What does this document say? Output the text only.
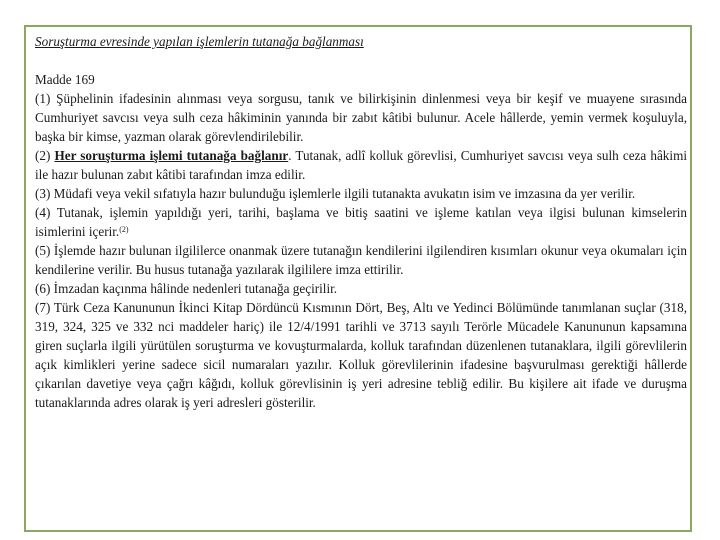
Soruşturma evresinde yapılan işlemlerin tutanağa bağlanması
Madde 169

(1) Şüphelinin ifadesinin alınması veya sorgusu, tanık ve bilirkişinin dinlenmesi veya bir keşif ve muayene sırasında Cumhuriyet savcısı veya sulh ceza hâkiminin yanında bir zabıt kâtibi bulunur. Acele hâllerde, yemin vermek koşuluyla, başka bir kimse, yazman olarak görevlendirilebilir.

(2) Her soruşturma işlemi tutanağa bağlanır. Tutanak, adlî kolluk görevlisi, Cumhuriyet savcısı veya sulh ceza hâkimi ile hazır bulunan zabıt kâtibi tarafından imza edilir.

(3) Müdafi veya vekil sıfatıyla hazır bulunduğu işlemlerle ilgili tutanakta avukatın isim ve imzasına da yer verilir.

(4) Tutanak, işlemin yapıldığı yeri, tarihi, başlama ve bitiş saatini ve işleme katılan veya ilgisi bulunan kimselerin isimlerini içerir.$^{(2)}$

(5) İşlemde hazır bulunan ilgililerce onanmak üzere tutanağın kendilerini ilgilendiren kısımları okunur veya okumaları için kendilerine verilir. Bu husus tutanağa yazılarak ilgililere imza ettirilir.

(6) İmzadan kaçınma hâlinde nedenleri tutanağa geçirilir.

(7) Türk Ceza Kanununun İkinci Kitap Dördüncü Kısmının Dört, Beş, Altı ve Yedinci Bölümünde tanımlanan suçlar (318, 319, 324, 325 ve 332 nci maddeler hariç) ile 12/4/1991 tarihli ve 3713 sayılı Terörle Mücadele Kanununun kapsamına giren suçlarla ilgili yürütülen soruşturma ve kovuşturmalarda, kolluk tarafından düzenlenen tutanaklara, ilgili görevlilerin açık kimlikleri yerine sadece sicil numaraları yazılır. Kolluk görevlilerinin ifadesine başvurulması gerektiği hâllerde çıkarılan davetiye veya çağrı kâğıdı, kolluk görevlisinin iş yeri adresine tebliğ edilir. Bu kişilere ait ifade ve duruşma tutanaklarında adres olarak iş yeri adresleri gösterilir.
